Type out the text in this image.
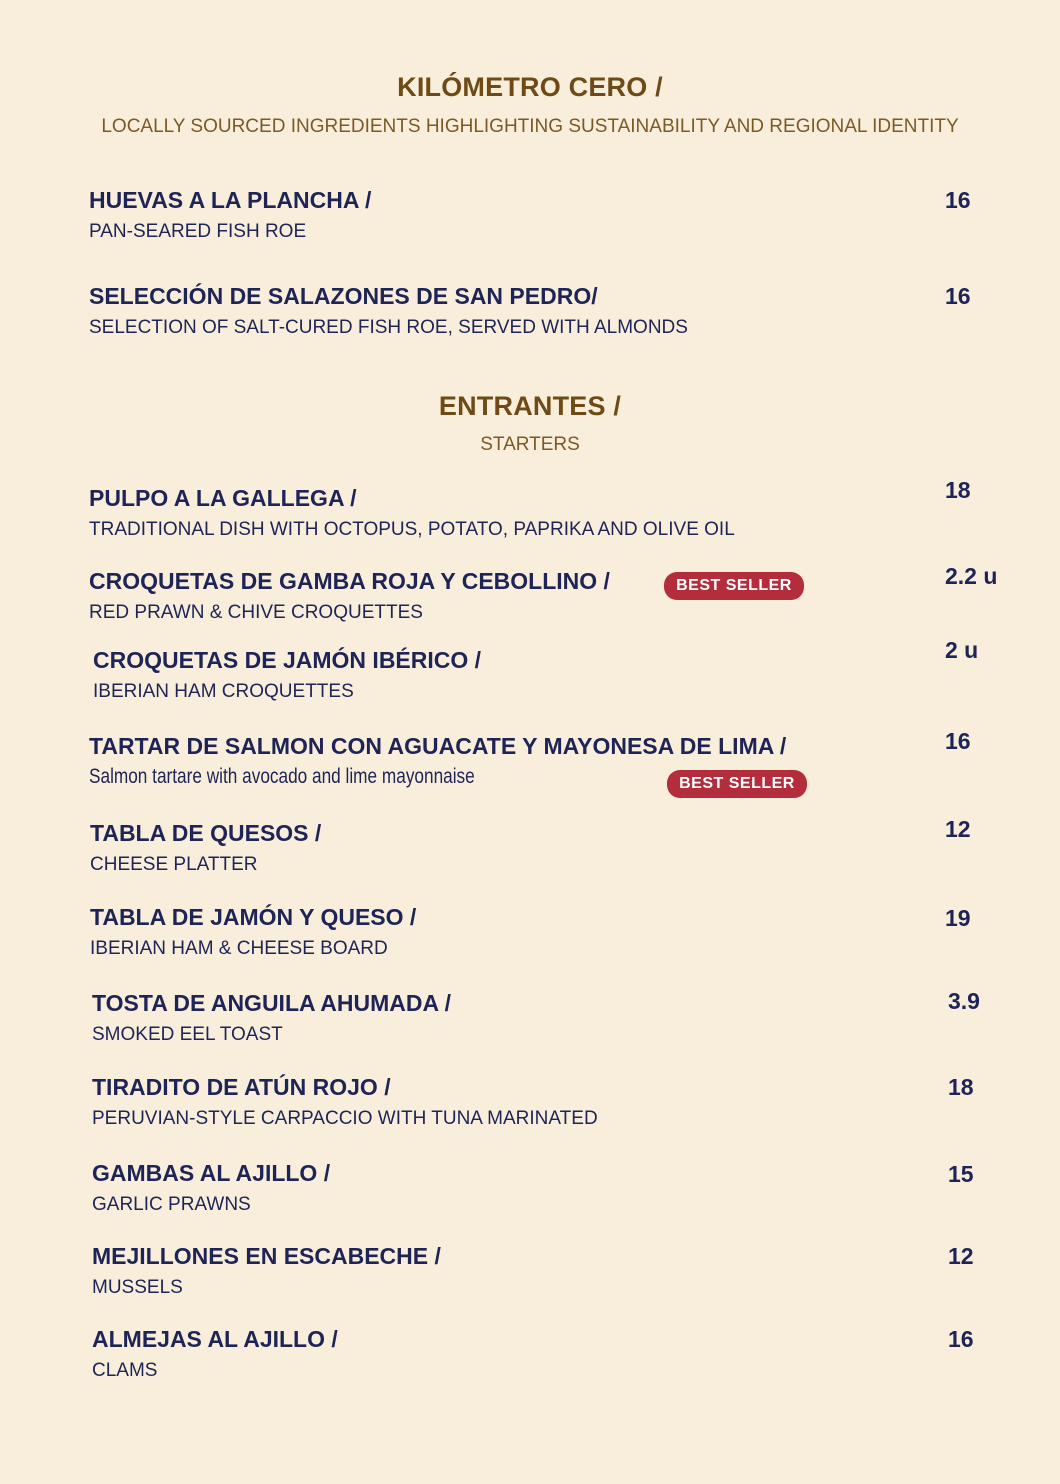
KILÓMETRO CERO /
LOCALLY SOURCED INGREDIENTS HIGHLIGHTING SUSTAINABILITY AND REGIONAL IDENTITY
HUEVAS A LA PLANCHA /
PAN-SEARED FISH ROE
16
SELECCIÓN DE SALAZONES DE SAN PEDRO/
SELECTION OF SALT-CURED FISH ROE, SERVED WITH ALMONDS
16
ENTRANTES /
STARTERS
PULPO A LA GALLEGA /
TRADITIONAL DISH WITH OCTOPUS, POTATO, PAPRIKA AND OLIVE OIL
18
CROQUETAS DE GAMBA ROJA Y CEBOLLINO /
RED PRAWN & CHIVE CROQUETTES
BEST SELLER	2.2 u
CROQUETAS DE JAMÓN IBÉRICO /
IBERIAN HAM CROQUETTES
2 u
TARTAR DE SALMON CON AGUACATE Y MAYONESA DE LIMA /
Salmon tartare with avocado and lime mayonnaise	BEST SELLER
16
TABLA DE QUESOS /
CHEESE PLATTER
12
TABLA DE JAMÓN Y QUESO /
IBERIAN HAM & CHEESE BOARD
19
TOSTA DE ANGUILA AHUMADA /
SMOKED EEL TOAST
3.9
TIRADITO DE ATÚN ROJO /
PERUVIAN-STYLE CARPACCIO WITH TUNA MARINATED
18
GAMBAS AL AJILLO /
GARLIC PRAWNS
15
MEJILLONES EN ESCABECHE /
MUSSELS
12
ALMEJAS AL AJILLO /
CLAMS
16
